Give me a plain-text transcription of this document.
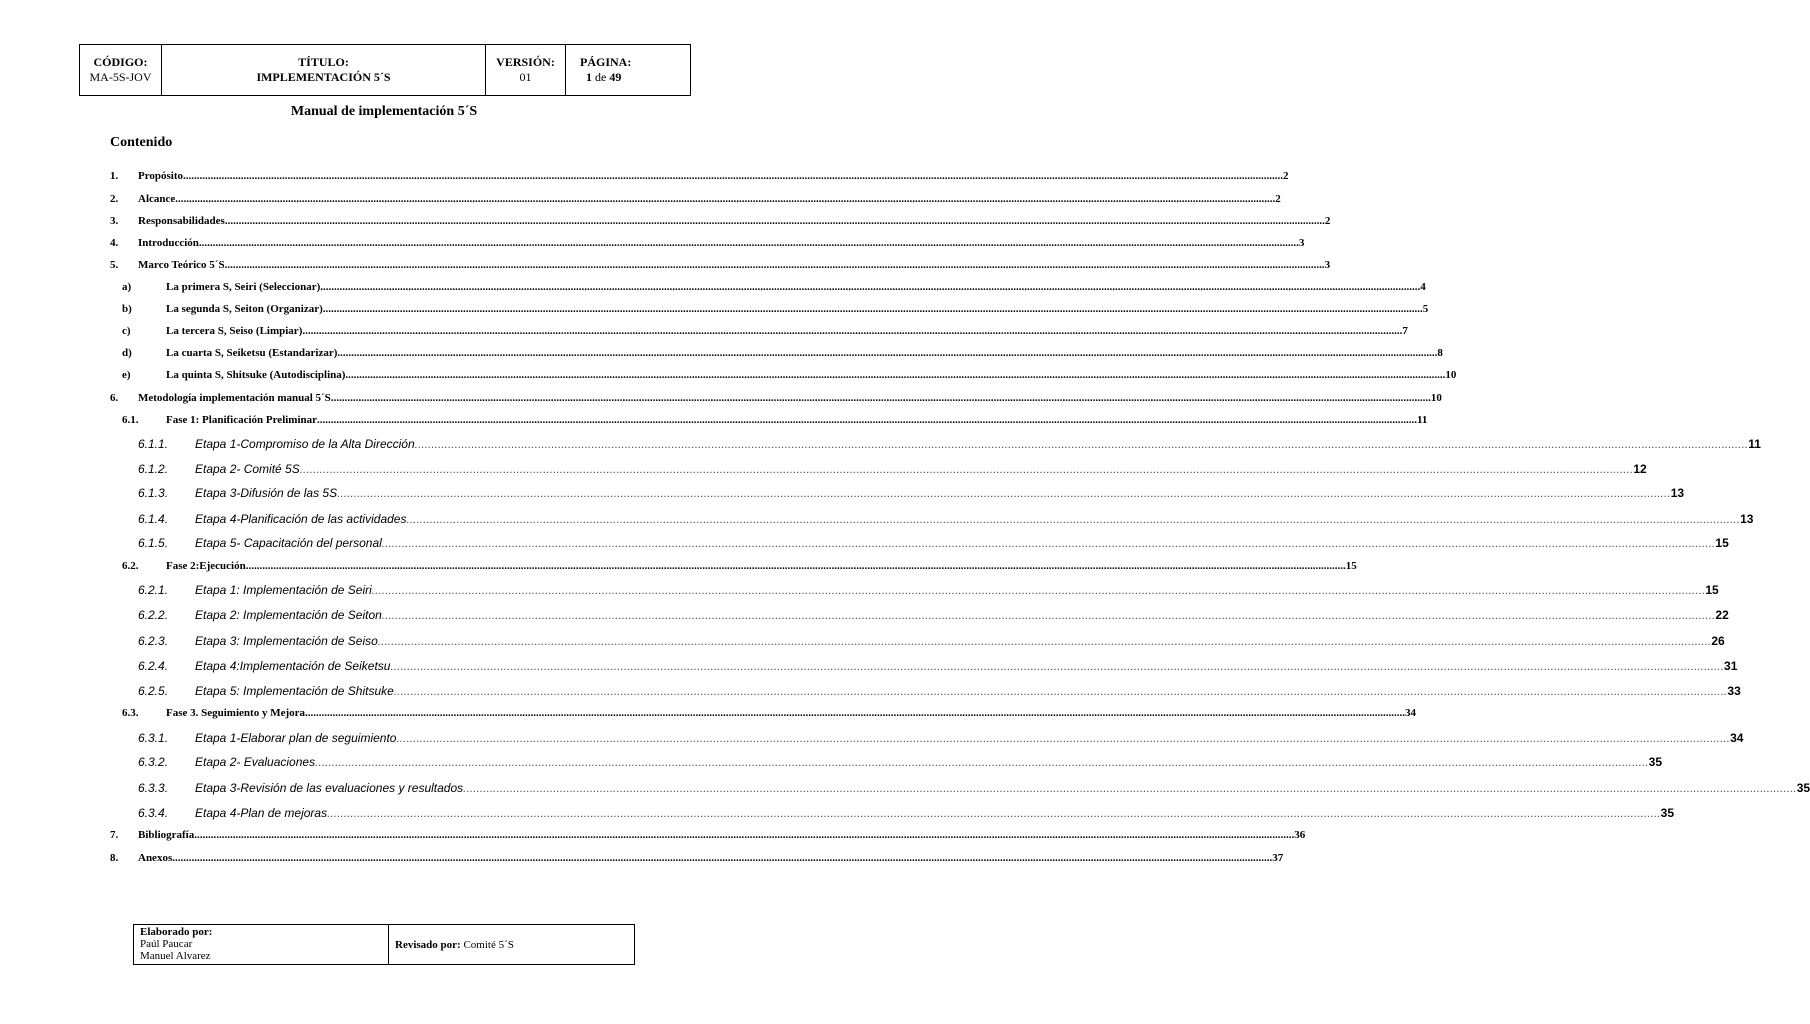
CÓDIGO:
MA-5S-JOV
TÍTULO:
IMPLEMENTACIÓN 5´S
VERSIÓN:
01
PÁGINA:
1 de 49
Manual de implementación 5´S
Contenido
1. Propósito ................................................................................................................................................................................................................................................................................................................................................................................................................ 2
2. Alcance ................................................................................................................................................................................................................................................................................................................................................................................................................ 2
3. Responsabilidades ................................................................................................................................................................................................................................................................................................................................................................................................................ 2
4. Introducción ................................................................................................................................................................................................................................................................................................................................................................................................................ 3
5. Marco Teórico 5´S ................................................................................................................................................................................................................................................................................................................................................................................................................ 3
a)	La primera S, Seiri (Seleccionar) ................................................................................................................................................................................................................................................................................................................................................................................................................ 4
b)	La segunda S, Seiton (Organizar) ................................................................................................................................................................................................................................................................................................................................................................................................................ 5
c)	La tercera S, Seiso (Limpiar) ................................................................................................................................................................................................................................................................................................................................................................................................................ 7
d)	La cuarta S, Seiketsu (Estandarizar) ................................................................................................................................................................................................................................................................................................................................................................................................................ 8
e)	La quinta S, Shitsuke (Autodisciplina) ................................................................................................................................................................................................................................................................................................................................................................................................................ 10
6. Metodología implementación manual 5´S ................................................................................................................................................................................................................................................................................................................................................................................................................ 10
6.1.	Fase 1: Planificación Preliminar ................................................................................................................................................................................................................................................................................................................................................................................................................ 11
6.1.1. Etapa 1-Compromiso de la Alta Dirección ................................................................................................................................................................................................................................................................................................................................................................................................................ 11
6.1.2. Etapa 2- Comité 5S ................................................................................................................................................................................................................................................................................................................................................................................................................ 12
6.1.3. Etapa 3-Difusión de las 5S ................................................................................................................................................................................................................................................................................................................................................................................................................ 13
6.1.4. Etapa 4-Planificación de las actividades ................................................................................................................................................................................................................................................................................................................................................................................................................ 13
6.1.5. Etapa 5- Capacitación del personal ................................................................................................................................................................................................................................................................................................................................................................................................................ 15
6.2.	Fase 2:Ejecución ................................................................................................................................................................................................................................................................................................................................................................................................................ 15
6.2.1. Etapa 1: Implementación de Seiri ................................................................................................................................................................................................................................................................................................................................................................................................................ 15
6.2.2. Etapa 2: Implementación de Seiton ................................................................................................................................................................................................................................................................................................................................................................................................................ 22
6.2.3. Etapa 3: Implementación de Seiso ................................................................................................................................................................................................................................................................................................................................................................................................................ 26
6.2.4. Etapa 4:Implementación de Seiketsu ................................................................................................................................................................................................................................................................................................................................................................................................................ 31
6.2.5. Etapa 5: Implementación de Shitsuke ................................................................................................................................................................................................................................................................................................................................................................................................................ 33
6.3.	Fase 3. Seguimiento y Mejora ................................................................................................................................................................................................................................................................................................................................................................................................................ 34
6.3.1. Etapa 1-Elaborar plan de seguimiento ................................................................................................................................................................................................................................................................................................................................................................................................................ 34
6.3.2. Etapa 2- Evaluaciones ................................................................................................................................................................................................................................................................................................................................................................................................................ 35
6.3.3. Etapa 3-Revisión de las evaluaciones y resultados ................................................................................................................................................................................................................................................................................................................................................................................................................ 35
6.3.4. Etapa 4-Plan de mejoras ................................................................................................................................................................................................................................................................................................................................................................................................................ 35
7. Bibliografía ................................................................................................................................................................................................................................................................................................................................................................................................................ 36
8. Anexos ................................................................................................................................................................................................................................................................................................................................................................................................................ 37
Elaborado por:
Paúl Paucar
Manuel Alvarez
Revisado por:
Comité 5´S
